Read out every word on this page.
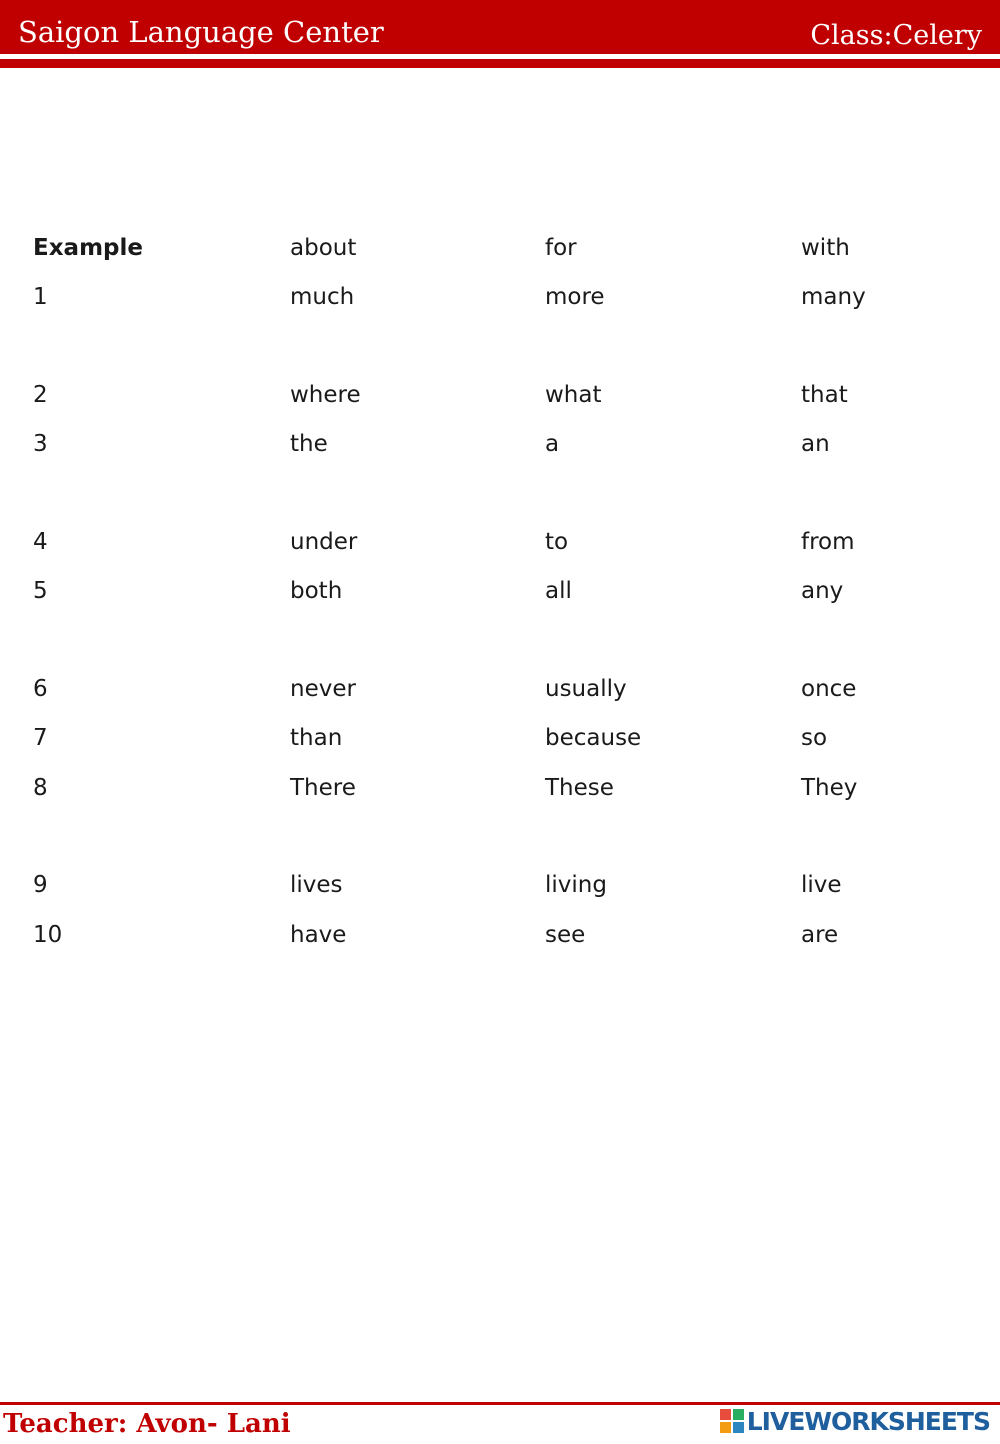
Saigon Language Center	Class:Celery
Example	about	for	with
1	much	more	many
2	where	what	that
3	the	a	an
4	under	to	from
5	both	all	any
6	never	usually	once
7	than	because	so
8	There	These	They
9	lives	living	live
10	have	see	are
Teacher: Avon- Lani	LIVEWORKSHEETS
